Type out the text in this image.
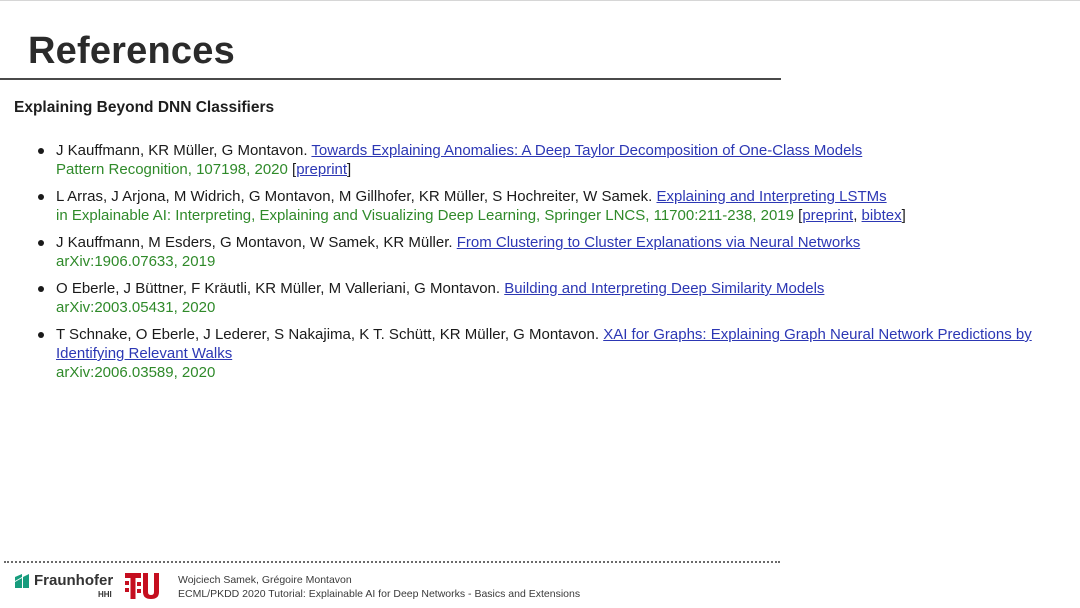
References
Explaining Beyond DNN Classifiers
J Kauffmann, KR Müller, G Montavon. Towards Explaining Anomalies: A Deep Taylor Decomposition of One-Class Models
Pattern Recognition, 107198, 2020 [preprint]
L Arras, J Arjona, M Widrich, G Montavon, M Gillhofer, KR Müller, S Hochreiter, W Samek. Explaining and Interpreting LSTMs
in Explainable AI: Interpreting, Explaining and Visualizing Deep Learning, Springer LNCS, 11700:211-238, 2019 [preprint, bibtex]
J Kauffmann, M Esders, G Montavon, W Samek, KR Müller. From Clustering to Cluster Explanations via Neural Networks
arXiv:1906.07633, 2019
O Eberle, J Büttner, F Kräutli, KR Müller, M Valleriani, G Montavon. Building and Interpreting Deep Similarity Models
arXiv:2003.05431, 2020
T Schnake, O Eberle, J Lederer, S Nakajima, K T. Schütt, KR Müller, G Montavon. XAI for Graphs: Explaining Graph Neural Network Predictions by Identifying Relevant Walks
arXiv:2006.03589, 2020
Fraunhofer
HHI
Wojciech Samek, Grégoire Montavon
ECML/PKDD 2020 Tutorial: Explainable AI for Deep Networks - Basics and Extensions
